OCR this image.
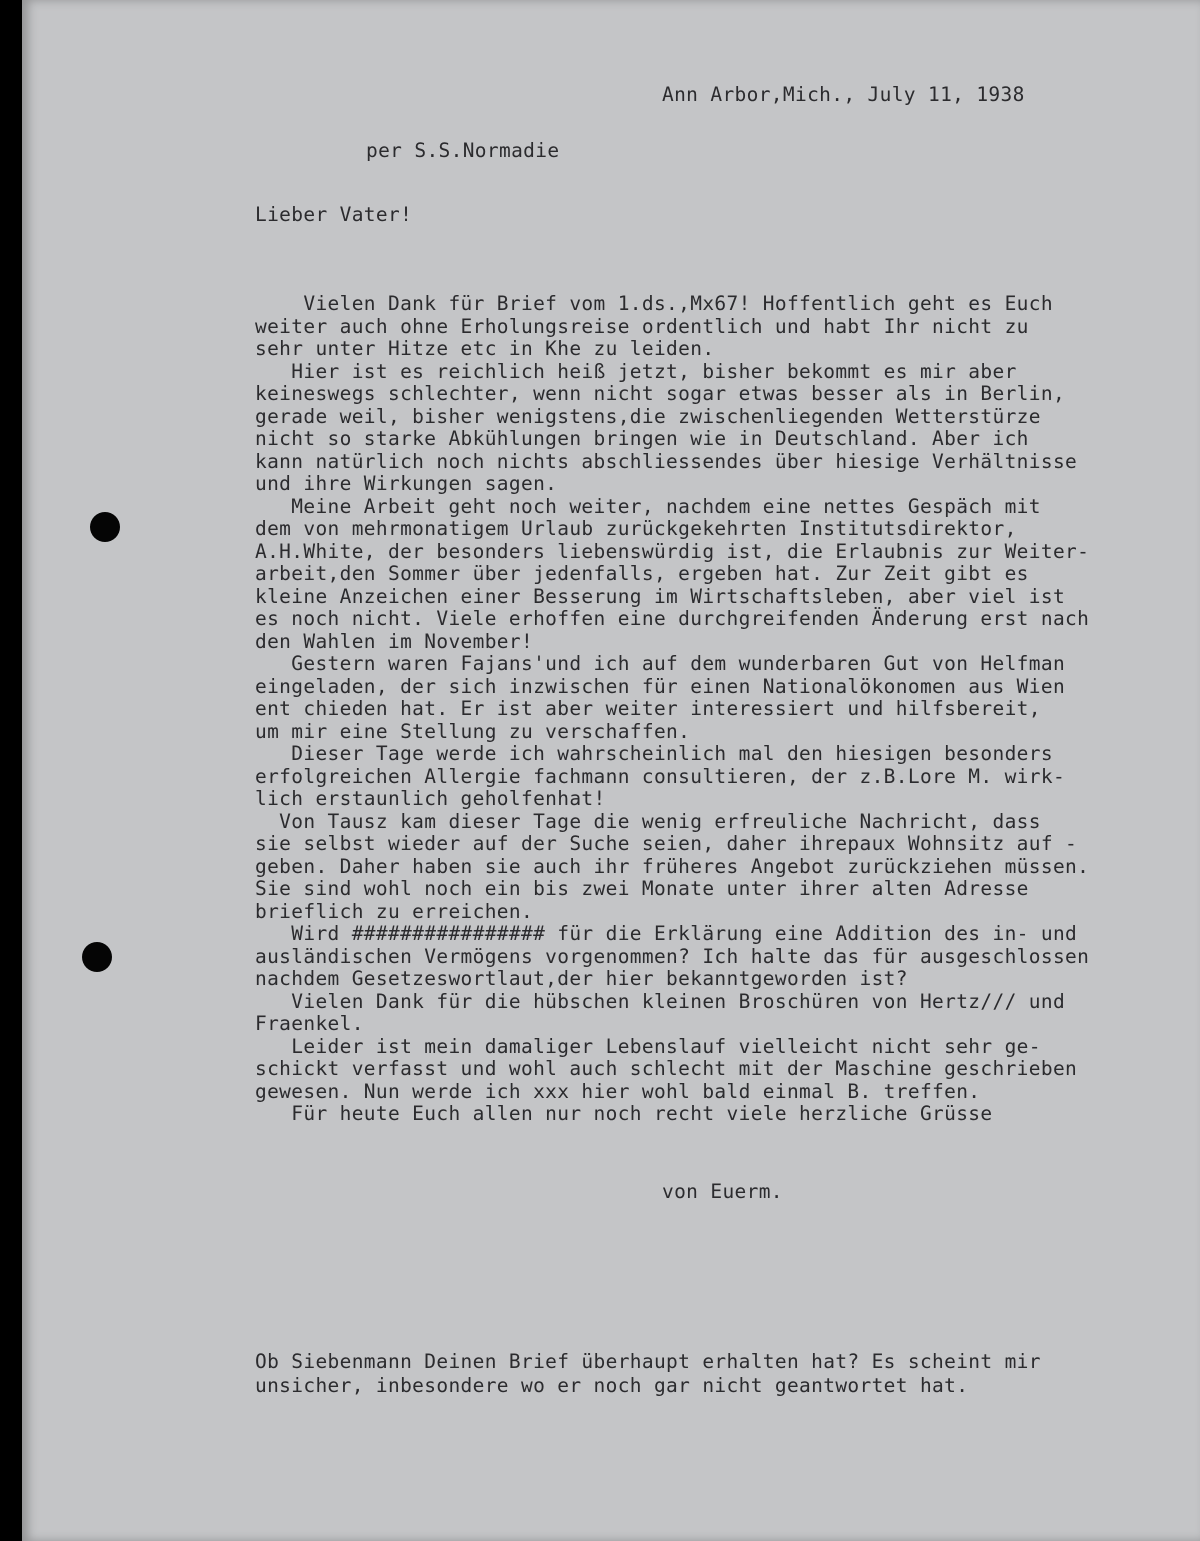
Ann Arbor,Mich., July 11, 1938

per S.S.Normadie

Lieber Vater!

Vielen Dank für Brief vom 1.ds.,Mx67! Hoffentlich geht es Euch
weiter auch ohne Erholungsreise ordentlich und habt Ihr nicht zu
sehr unter Hitze etc in Khe zu leiden.
Hier ist es reichlich heiß jetzt, bisher bekommt es mir aber
keineswegs schlechter, wenn nicht sogar etwas besser als in Berlin,
gerade weil, bisher wenigstens,die zwischenliegenden Wetterstürze
nicht so starke Abkühlungen bringen wie in Deutschland. Aber ich
kann natürlich noch nichts abschliessendes über hiesige Verhältnisse
und ihre Wirkungen sagen.
Meine Arbeit geht noch weiter, nachdem eine nettes Gespäch mit
dem von mehrmonatigem Urlaub zurückgekehrten Institutsdirektor,
A.H.White, der besonders liebenswürdig ist, die Erlaubnis zur Weiter-
arbeit,den Sommer über jedenfalls, ergeben hat. Zur Zeit gibt es
kleine Anzeichen einer Besserung im Wirtschaftsleben, aber viel ist
es noch nicht. Viele erhoffen eine durchgreifenden Änderung erst nach
den Wahlen im November!
Gestern waren Fajans'und ich auf dem wunderbaren Gut von Helfman
eingeladen, der sich inzwischen für einen Nationalökonomen aus Wien
ent chieden hat. Er ist aber weiter interessiert und hilfsbereit,
um mir eine Stellung zu verschaffen.
Dieser Tage werde ich wahrscheinlich mal den hiesigen besonders
erfolgreichen Allergie fachmann consultieren, der z.B.Lore M. wirk-
lich erstaunlich geholfenhat!
Von Tausz kam dieser Tage die wenig erfreuliche Nachricht, dass
sie selbst wieder auf der Suche seien, daher ihrepaux Wohnsitz auf -
geben. Daher haben sie auch ihr früheres Angebot zurückziehen müssen.
Sie sind wohl noch ein bis zwei Monate unter ihrer alten Adresse
brieflich zu erreichen.
Wird ################ für die Erklärung eine Addition des in- und
ausländischen Vermögens vorgenommen? Ich halte das für ausgeschlossen
nachdem Gesetzeswortlaut,der hier bekanntgeworden ist?
Vielen Dank für die hübschen kleinen Broschüren von Hertz/// und
Fraenkel.
Leider ist mein damaliger Lebenslauf vielleicht nicht sehr ge-
schickt verfasst und wohl auch schlecht mit der Maschine geschrieben
gewesen. Nun werde ich xxx hier wohl bald einmal B. treffen.
Für heute Euch allen nur noch recht viele herzliche Grüsse

von Euerm.

Ob Siebenmann Deinen Brief überhaupt erhalten hat? Es scheint mir
unsicher, inbesondere wo er noch gar nicht geantwortet hat.
